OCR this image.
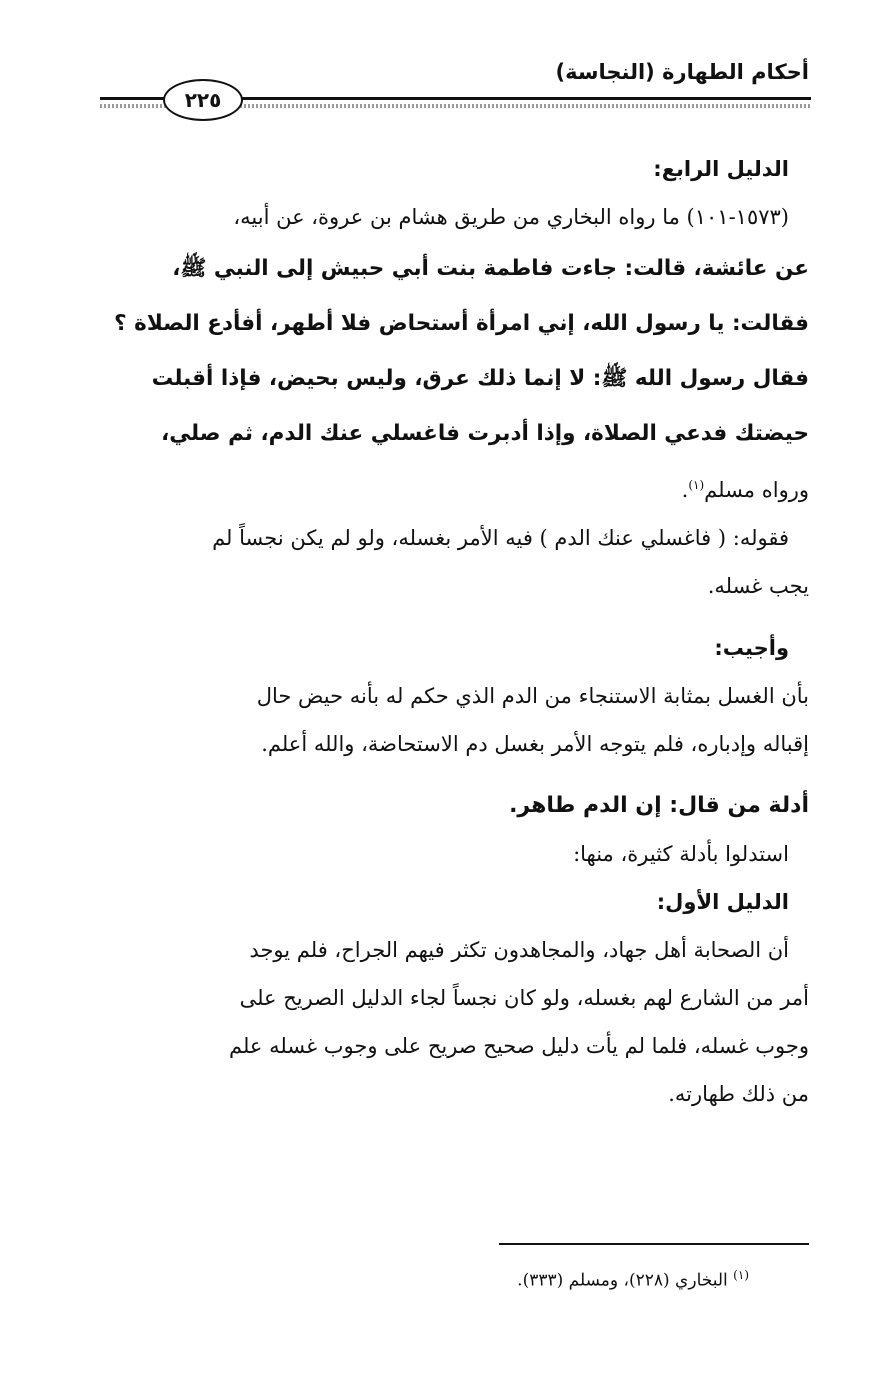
أحكام الطهارة (النجاسة)
٢٢٥
الدليل الرابع:
(١٥٧٣-١٠١) ما رواه البخاري من طريق هشام بن عروة، عن أبيه،
عن عائشة، قالت: جاءت فاطمة بنت أبي حبيش إلى النبي ﷺ،
فقالت: يا رسول الله، إني امرأة أستحاض فلا أطهر، أفأدع الصلاة ؟
فقال رسول الله ﷺ: لا إنما ذلك عرق، وليس بحيض، فإذا أقبلت
حيضتك فدعي الصلاة، وإذا أدبرت فاغسلي عنك الدم، ثم صلي،
ورواه مسلم$^{(١)}$.
فقوله: ( فاغسلي عنك الدم ) فيه الأمر بغسله، ولو لم يكن نجساً لم
يجب غسله.
وأجيب:
بأن الغسل بمثابة الاستنجاء من الدم الذي حكم له بأنه حيض حال
إقباله وإدباره، فلم يتوجه الأمر بغسل دم الاستحاضة، والله أعلم.
أدلة من قال: إن الدم طاهر.
استدلوا بأدلة كثيرة، منها:
الدليل الأول:
أن الصحابة أهل جهاد، والمجاهدون تكثر فيهم الجراح، فلم يوجد
أمر من الشارع لهم بغسله، ولو كان نجساً لجاء الدليل الصريح على
وجوب غسله، فلما لم يأت دليل صحيح صريح على وجوب غسله علم
من ذلك طهارته.
$^{(١)}$ البخاري (٢٢٨)، ومسلم (٣٣٣).
